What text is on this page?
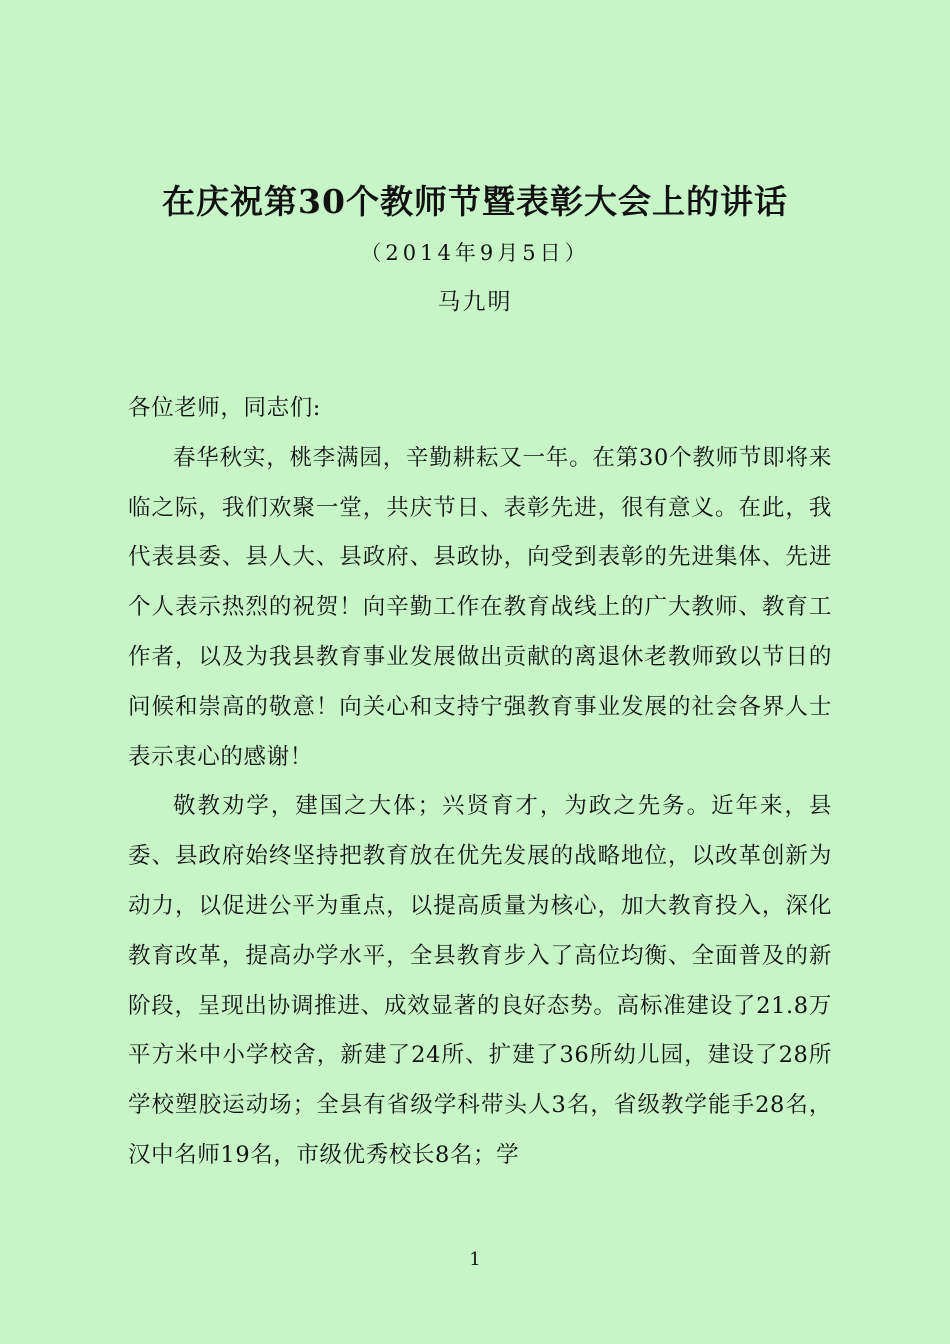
在庆祝第30个教师节暨表彰大会上的讲话
（2014年9月5日）
马九明

各位老师，同志们:

春华秋实，桃李满园，辛勤耕耘又一年。在第30个教师节即将来临之际，我们欢聚一堂，共庆节日、表彰先进，很有意义。在此，我代表县委、县人大、县政府、县政协，向受到表彰的先进集体、先进个人表示热烈的祝贺！向辛勤工作在教育战线上的广大教师、教育工作者，以及为我县教育事业发展做出贡献的离退休老教师致以节日的问候和崇高的敬意！向关心和支持宁强教育事业发展的社会各界人士表示衷心的感谢！

敬教劝学，建国之大体；兴贤育才，为政之先务。近年来，县委、县政府始终坚持把教育放在优先发展的战略地位，以改革创新为动力，以促进公平为重点，以提高质量为核心，加大教育投入，深化教育改革，提高办学水平，全县教育步入了高位均衡、全面普及的新阶段，呈现出协调推进、成效显著的良好态势。高标准建设了21.8万平方米中小学校舍，新建了24所、扩建了36所幼儿园，建设了28所学校塑胶运动场；全县有省级学科带头人3名，省级教学能手28名，汉中名师19名，市级优秀校长8名；学

1
